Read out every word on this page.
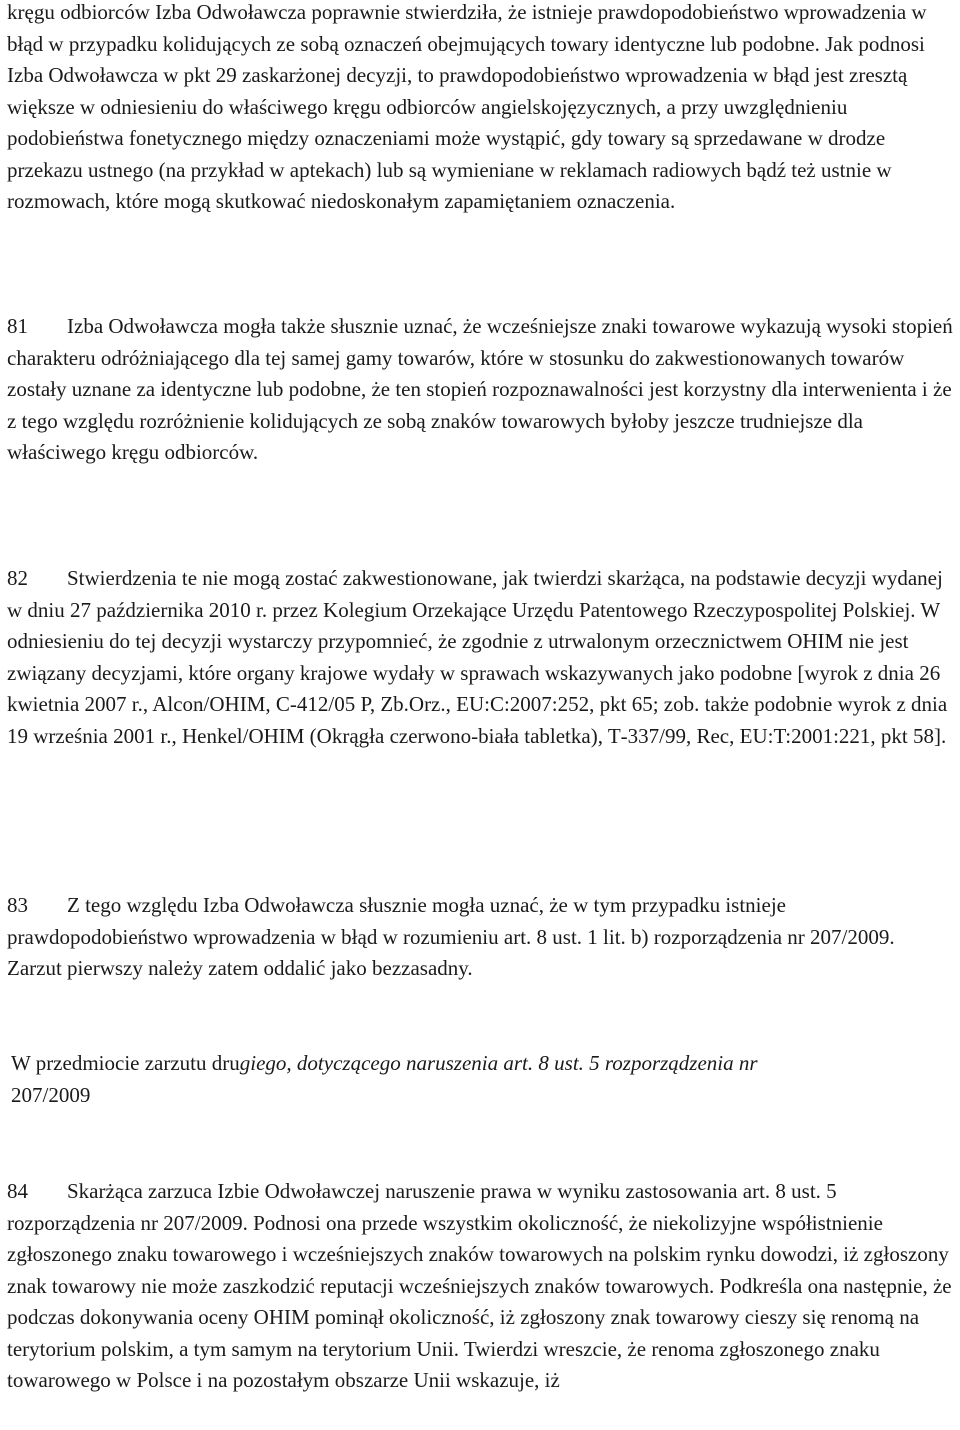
kręgu odbiorców Izba Odwoławcza poprawnie stwierdziła, że istnieje prawdopodobieństwo wprowadzenia w błąd w przypadku kolidujących ze sobą oznaczeń obejmujących towary identyczne lub podobne. Jak podnosi Izba Odwoławcza w pkt 29 zaskarżonej decyzji, to prawdopodobieństwo wprowadzenia w błąd jest zresztą większe w odniesieniu do właściwego kręgu odbiorców angielskojęzycznych, a przy uwzględnieniu podobieństwa fonetycznego między oznaczeniami może wystąpić, gdy towary są sprzedawane w drodze przekazu ustnego (na przykład w aptekach) lub są wymieniane w reklamach radiowych bądź też ustnie w rozmowach, które mogą skutkować niedoskonałym zapamiętaniem oznaczenia.

81 Izba Odwoławcza mogła także słusznie uznać, że wcześniejsze znaki towarowe wykazują wysoki stopień charakteru odróżniającego dla tej samej gamy towarów, które w stosunku do zakwestionowanych towarów zostały uznane za identyczne lub podobne, że ten stopień rozpoznawalności jest korzystny dla interwenienta i że z tego względu rozróżnienie kolidujących ze sobą znaków towarowych byłoby jeszcze trudniejsze dla właściwego kręgu odbiorców.

82 Stwierdzenia te nie mogą zostać zakwestionowane, jak twierdzi skarżąca, na podstawie decyzji wydanej w dniu 27 października 2010 r. przez Kolegium Orzekające Urzędu Patentowego Rzeczypospolitej Polskiej. W odniesieniu do tej decyzji wystarczy przypomnieć, że zgodnie z utrwalonym orzecznictwem OHIM nie jest związany decyzjami, które organy krajowe wydały w sprawach wskazywanych jako podobne [wyrok z dnia 26 kwietnia 2007 r., Alcon/OHIM, C‑412/05 P, Zb.Orz., EU:C:2007:252, pkt 65; zob. także podobnie wyrok z dnia 19 września 2001 r., Henkel/OHIM (Okrągła czerwono-biała tabletka), T‑337/99, Rec, EU:T:2001:221, pkt 58].

83 Z tego względu Izba Odwoławcza słusznie mogła uznać, że w tym przypadku istnieje prawdopodobieństwo wprowadzenia w błąd w rozumieniu art. 8 ust. 1 lit. b) rozporządzenia nr 207/2009. Zarzut pierwszy należy zatem oddalić jako bezzasadny.

W przedmiocie zarzutu drugiego, dotyczącego naruszenia art. 8 ust. 5 rozporządzenia nr
207/2009

84 Skarżąca zarzuca Izbie Odwoławczej naruszenie prawa w wyniku zastosowania art. 8 ust. 5 rozporządzenia nr 207/2009. Podnosi ona przede wszystkim okoliczność, że niekolizyjne współistnienie zgłoszonego znaku towarowego i wcześniejszych znaków towarowych na polskim rynku dowodzi, iż zgłoszony znak towarowy nie może zaszkodzić reputacji wcześniejszych znaków towarowych. Podkreśla ona następnie, że podczas dokonywania oceny OHIM pominął okoliczność, iż zgłoszony znak towarowy cieszy się renomą na terytorium polskim, a tym samym na terytorium Unii. Twierdzi wreszcie, że renoma zgłoszonego znaku towarowego w Polsce i na pozostałym obszarze Unii wskazuje, iż
